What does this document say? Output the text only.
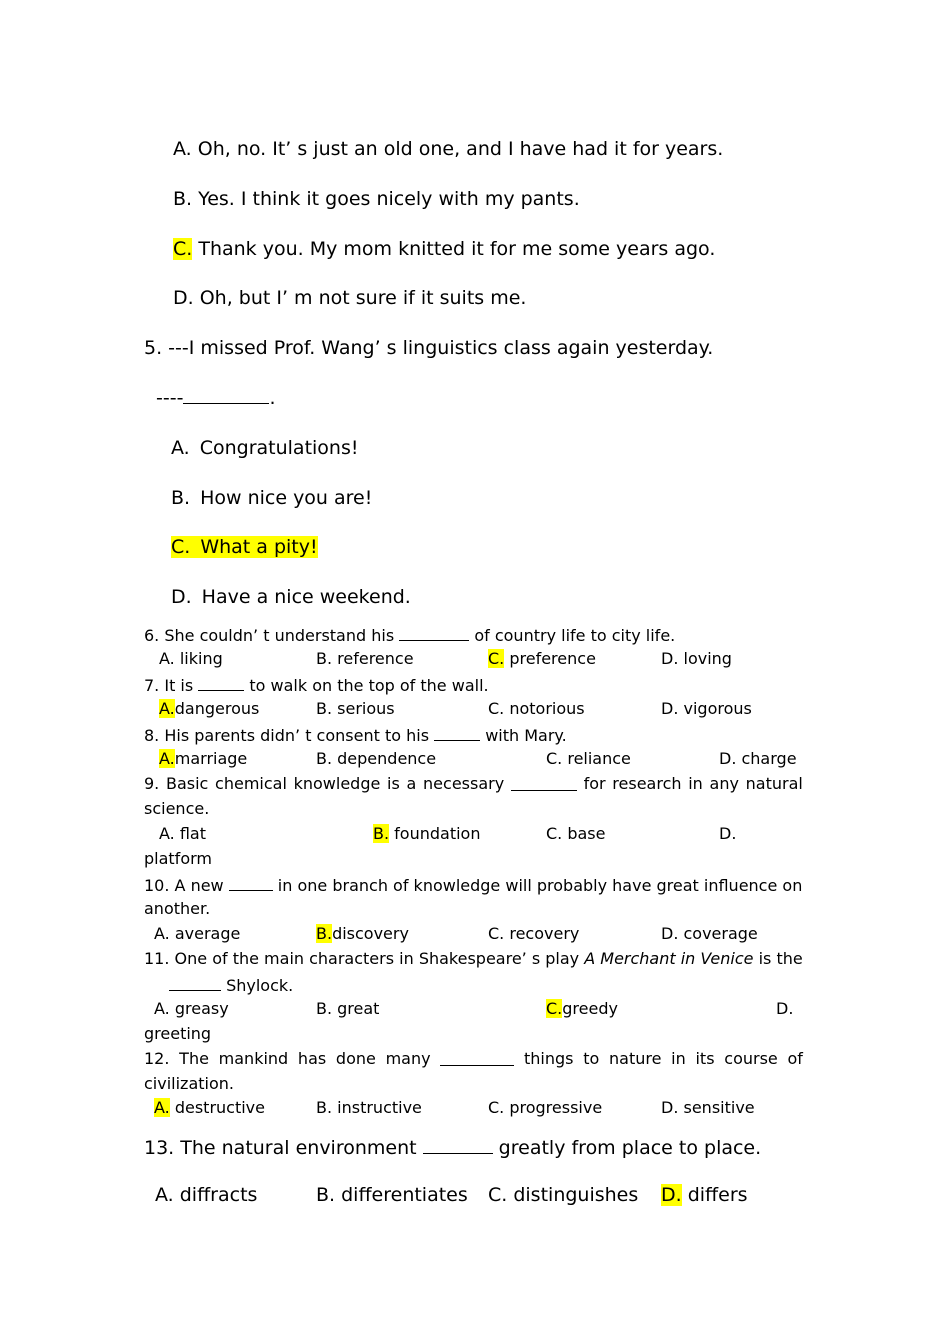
A. Oh, no. It’ s just an old one, and I have had it for years.
B. Yes. I think it goes nicely with my pants.
C. Thank you. My mom knitted it for me some years ago.
D. Oh, but I’ m not sure if it suits me.
5. ---I missed Prof. Wang’ s linguistics class again yesterday.
----	.
A. Congratulations!
B. How nice you are!
C. What a pity!
D. Have a nice weekend.
6. She couldn’ t understand his	of country life to city life.
A. liking	B. reference	C. preference	D. loving
7. It is	to walk on the top of the wall.
A.dangerous	B. serious	C. notorious	D. vigorous
8. His parents didn’ t consent to his	with Mary.
A.marriage	B. dependence	C. reliance	D. charge
9. Basic chemical knowledge is a necessary	for research in any natural
science.
A. flat	B. foundation	C. base	D.
platform
10. A new	in one branch of knowledge will probably have great influence on
another.
A. average	B.discovery	C. recovery	D. coverage
11. One of the main characters in Shakespeare’ s play A Merchant in Venice is the
Shylock.
A. greasy	B. great	C.greedy	D.
greeting
12. The mankind has done many	things to nature in its course of
civilization.
A. destructive	B. instructive	C. progressive	D. sensitive
13. The natural environment	greatly from place to place.
A. diffracts	B. differentiates C. distinguishes D. differs
